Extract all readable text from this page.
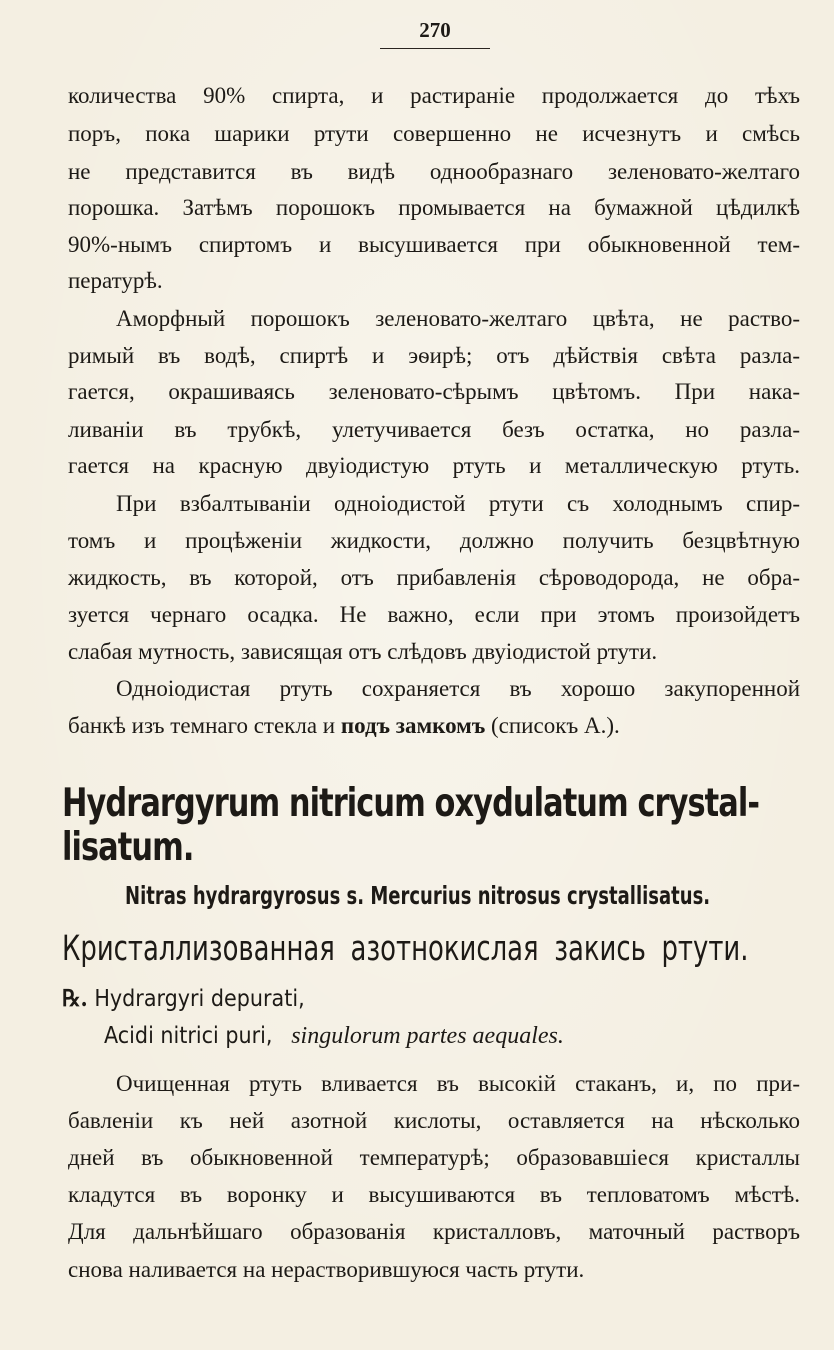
270
количества 90% спирта, и растираніе продолжается до тѣхъ
поръ, пока шарики ртути совершенно не исчезнутъ и смѣсь
не представится въ видѣ однообразнаго зеленовато-желтаго
порошка. Затѣмъ порошокъ промывается на бумажной цѣдилкѣ
90%-нымъ спиртомъ и высушивается при обыкновенной тем-
пературѣ.
Аморфный порошокъ зеленовато-желтаго цвѣта, не раство-
римый въ водѣ, спиртѣ и эѳирѣ; отъ дѣйствія свѣта разла-
гается, окрашиваясь зеленовато-сѣрымъ цвѣтомъ. При нака-
ливаніи въ трубкѣ, улетучивается безъ остатка, но разла-
гается на красную двуіодистую ртуть и металлическую ртуть.
При взбалтываніи одноіодистой ртути съ холоднымъ спир-
томъ и процѣженіи жидкости, должно получить безцвѣтную
жидкость, въ которой, отъ прибавленія сѣроводорода, не обра-
зуется чернаго осадка. Не важно, если при этомъ произойдетъ
слабая мутность, зависящая отъ слѣдовъ двуіодистой ртути.
Одноіодистая ртуть сохраняется въ хорошо закупоренной
банкѣ изъ темнаго стекла и подъ замкомъ (списокъ А.).
Hydrargyrum nitricum oxydulatum crystal-
lisatum.
Nitras hydrargyrosus s. Mercurius nitrosus crystallisatus.
Кристаллизованная азотнокислая закись ртути.
℞. Hydrargyri depurati,
Acidi nitrici puri,singulorum partes aequales.
Очищенная ртуть вливается въ высокій стаканъ, и, по при-
бавленіи къ ней азотной кислоты, оставляется на нѣсколько
дней въ обыкновенной температурѣ; образовавшіеся кристаллы
кладутся въ воронку и высушиваются въ тепловатомъ мѣстѣ.
Для дальнѣйшаго образованія кристалловъ, маточный растворъ
снова наливается на нерастворившуюся часть ртути.
